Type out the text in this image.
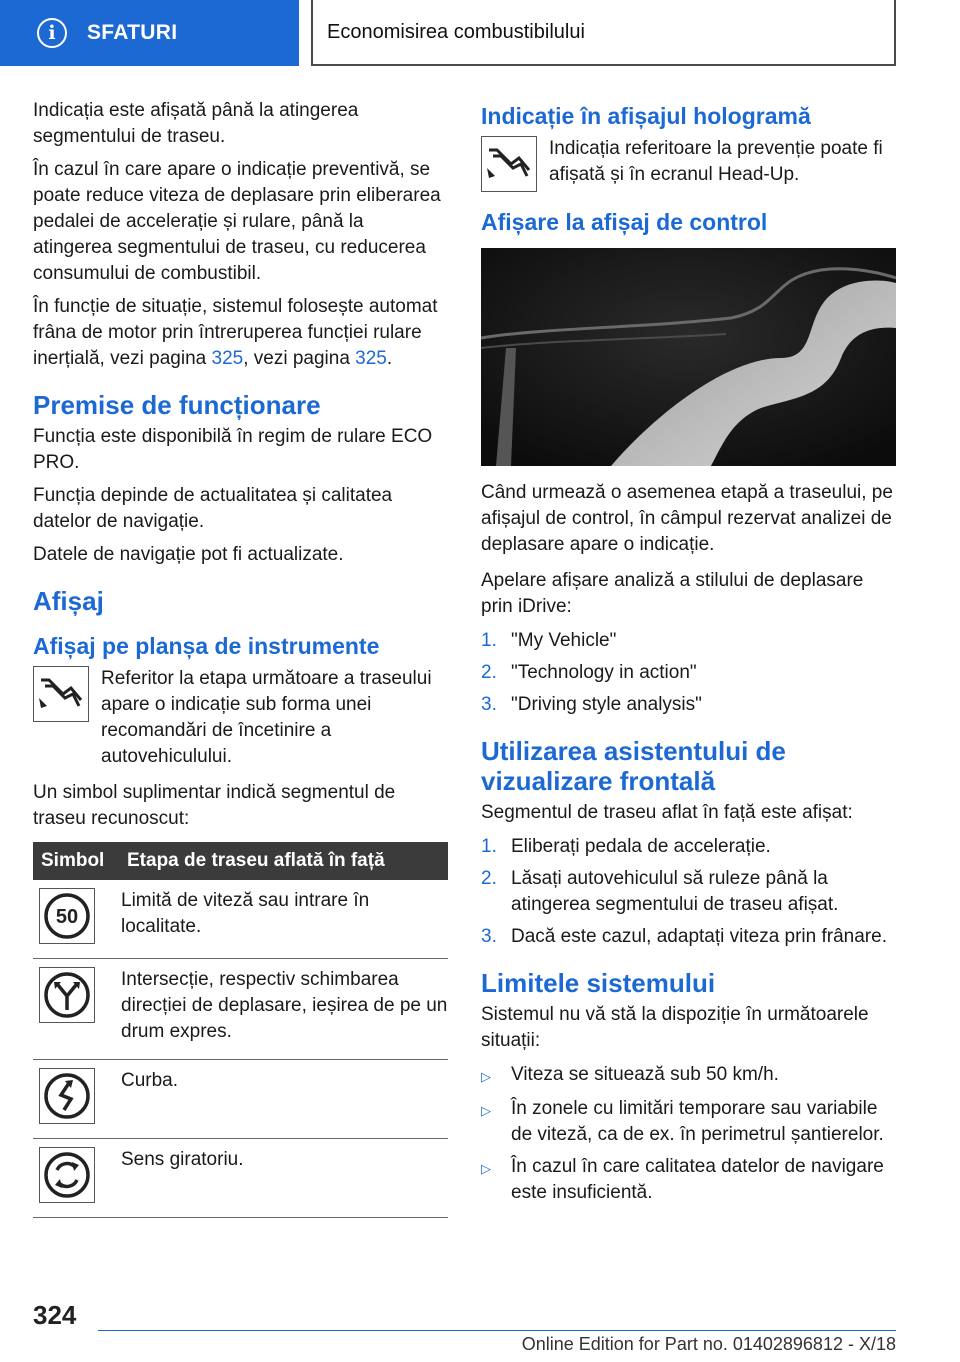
i	SFATURI	Economisirea combustibilului

Indicația este afișată până la atingerea segmentului de traseu.

În cazul în care apare o indicație preventivă, se poate reduce viteza de deplasare prin eliberarea pedalei de accelerație și rulare, până la atingerea segmentului de traseu, cu reducerea consumului de combustibil.

În funcție de situație, sistemul folosește automat frâna de motor prin întreruperea funcției rulare inerțială, vezi pagina 325, vezi pagina 325.

Premise de funcționare

Funcția este disponibilă în regim de rulare ECO PRO.

Funcția depinde de actualitatea și calitatea datelor de navigație.

Datele de navigație pot fi actualizate.

Afișaj
Afișaj pe planșa de instrumente

Referitor la etapa următoare a traseului apare o indicație sub forma unei recomandări de încetinire a autovehiculului.

Un simbol suplimentar indică segmentul de traseu recunoscut:

Simbol	Etapa de traseu aflată în față

50	Limită de viteză sau intrare în localitate.

	Intersecție, respectiv schimbarea direcției de deplasare, ieșirea de pe un drum expres.

	Curba.

	Sens giratoriu.
Indicație în afișajul hologramă

Indicația referitoare la prevenție poate fi afișată și în ecranul Head-Up.

Afișare la afișaj de control

Când urmează o asemenea etapă a traseului, pe afișajul de control, în câmpul rezervat analizei de deplasare apare o indicație.

Apelare afișare analiză a stilului de deplasare prin iDrive:

1. "My Vehicle"
2. "Technology in action"
3. "Driving style analysis"
Utilizarea asistentului de vizualizare frontală

Segmentul de traseu aflat în față este afișat:

1. Eliberați pedala de accelerație.
2. Lăsați autovehiculul să ruleze până la atingerea segmentului de traseu afișat.
3. Dacă este cazul, adaptați viteza prin frânare.
Limitele sistemului

Sistemul nu vă stă la dispoziție în următoarele situații:

▷	Viteza se situează sub 50 km/h.
▷	În zonele cu limitări temporare sau variabile de viteză, ca de ex. în perimetrul șantierelor.
▷	În cazul în care calitatea datelor de navigare este insuficientă.
324
Online Edition for Part no. 01402896812 - X/18
